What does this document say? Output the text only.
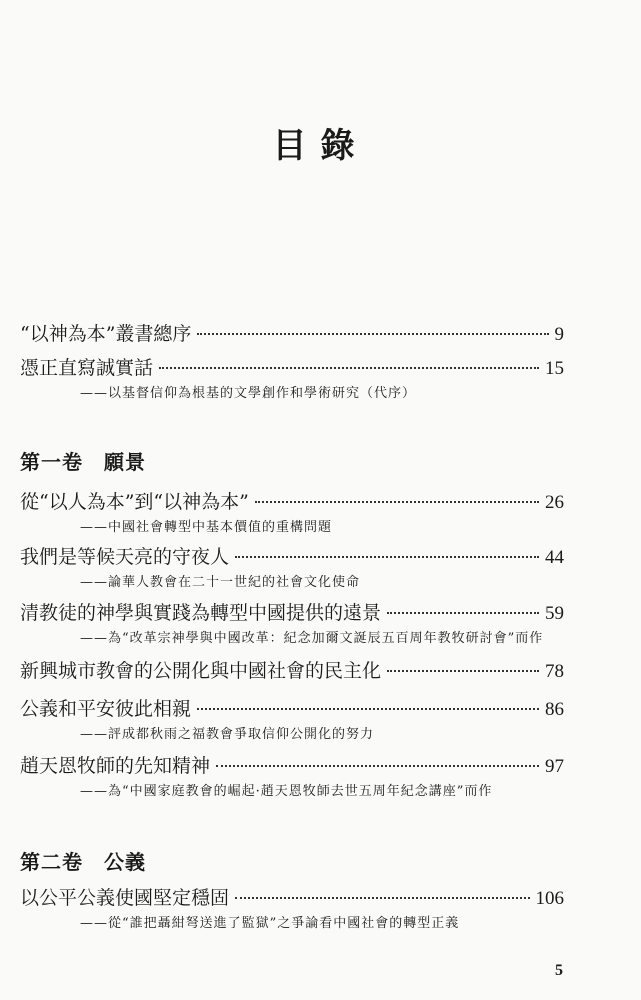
目錄
“以神為本”叢書總序	9
憑正直寫誠實話	15
——以基督信仰為根基的文學創作和學術研究（代序）
第一卷　願景
從“以人為本”到“以神為本”	26
——中國社會轉型中基本價值的重構問題
我們是等候天亮的守夜人	44
——論華人教會在二十一世紀的社會文化使命
清教徒的神學與實踐為轉型中國提供的遠景	59
——為“改革宗神學與中國改革：紀念加爾文誕辰五百周年教牧研討會”而作
新興城市教會的公開化與中國社會的民主化	78
公義和平安彼此相親	86
——評成都秋雨之福教會爭取信仰公開化的努力
趙天恩牧師的先知精神	97
——為“中國家庭教會的崛起·趙天恩牧師去世五周年紀念講座”而作
第二卷　公義
以公平公義使國堅定穩固	106
——從“誰把聶紺弩送進了監獄”之爭論看中國社會的轉型正義
5
